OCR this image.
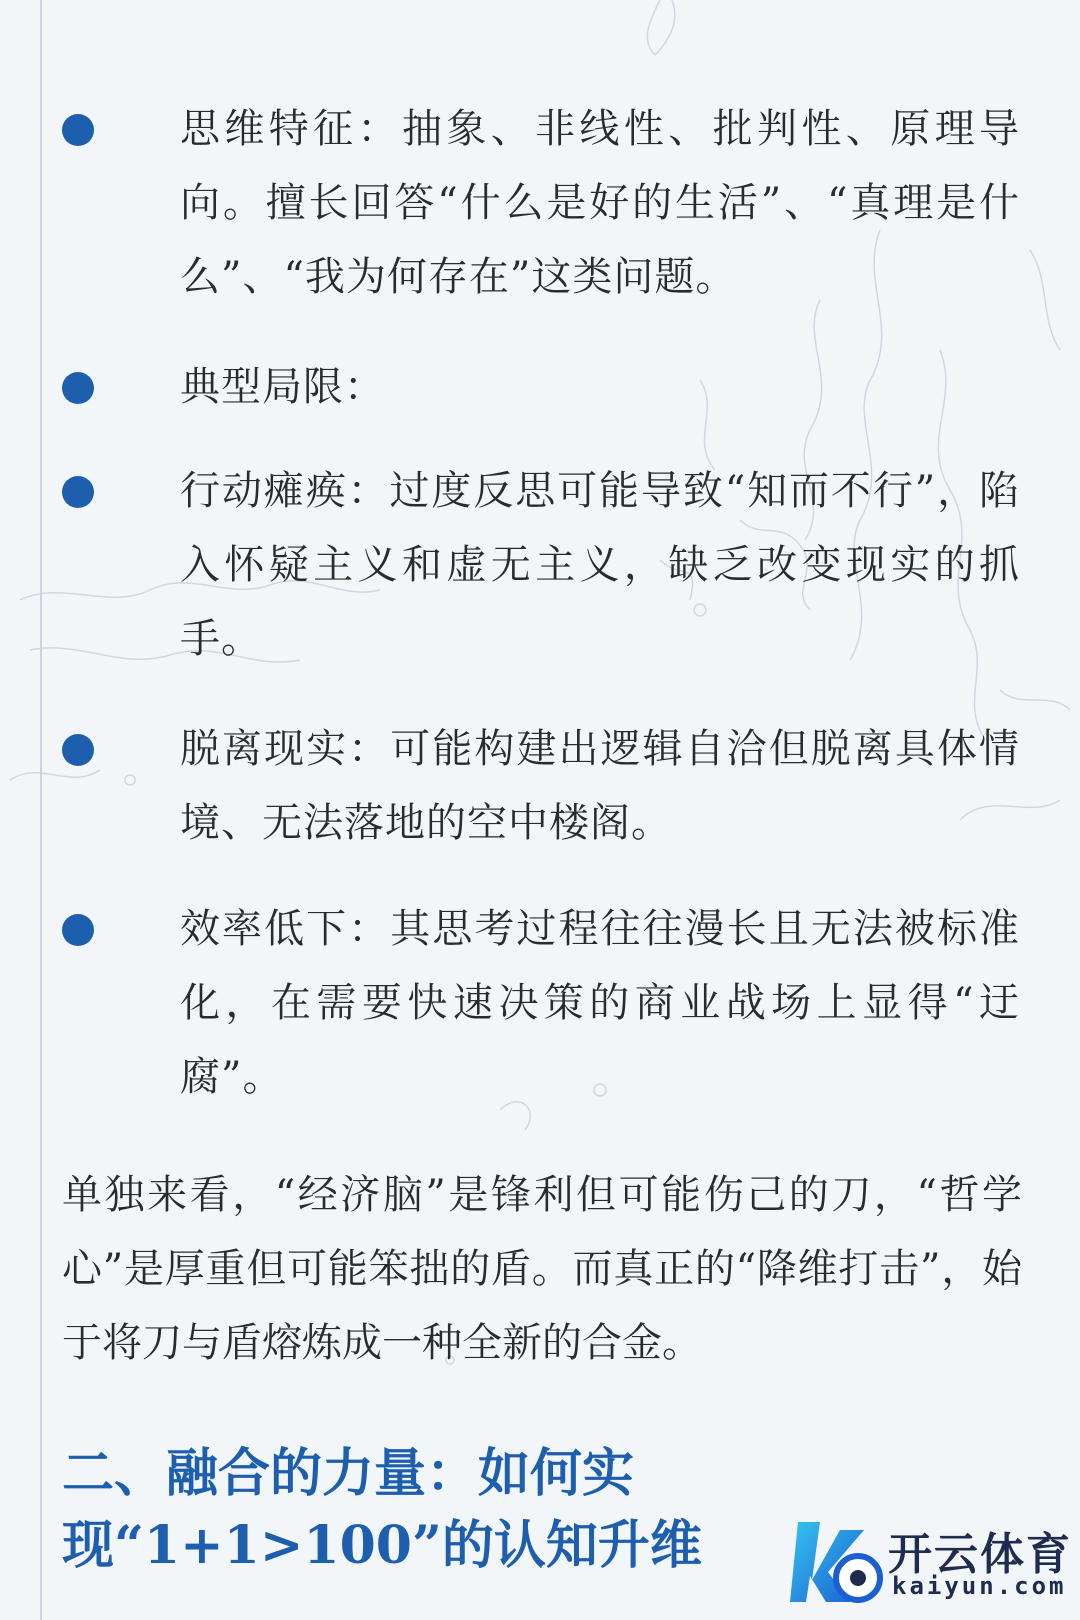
思维特征：抽象、非线性、批判性、原理导向。擅长回答“什么是好的生活”、“真理是什么”、“我为何存在”这类问题。
典型局限：
行动瘫痪：过度反思可能导致“知而不行”，陷入怀疑主义和虚无主义，缺乏改变现实的抓手。
脱离现实：可能构建出逻辑自洽但脱离具体情境、无法落地的空中楼阁。
效率低下：其思考过程往往漫长且无法被标准化，在需要快速决策的商业战场上显得“迂腐”。
单独来看，“经济脑”是锋利但可能伤己的刀，“哲学心”是厚重但可能笨拙的盾。而真正的“降维打击”，始于将刀与盾熔炼成一种全新的合金。
二、融合的力量：如何实
现“1+1>100”的认知升维	开云体育
kaiyun.com
